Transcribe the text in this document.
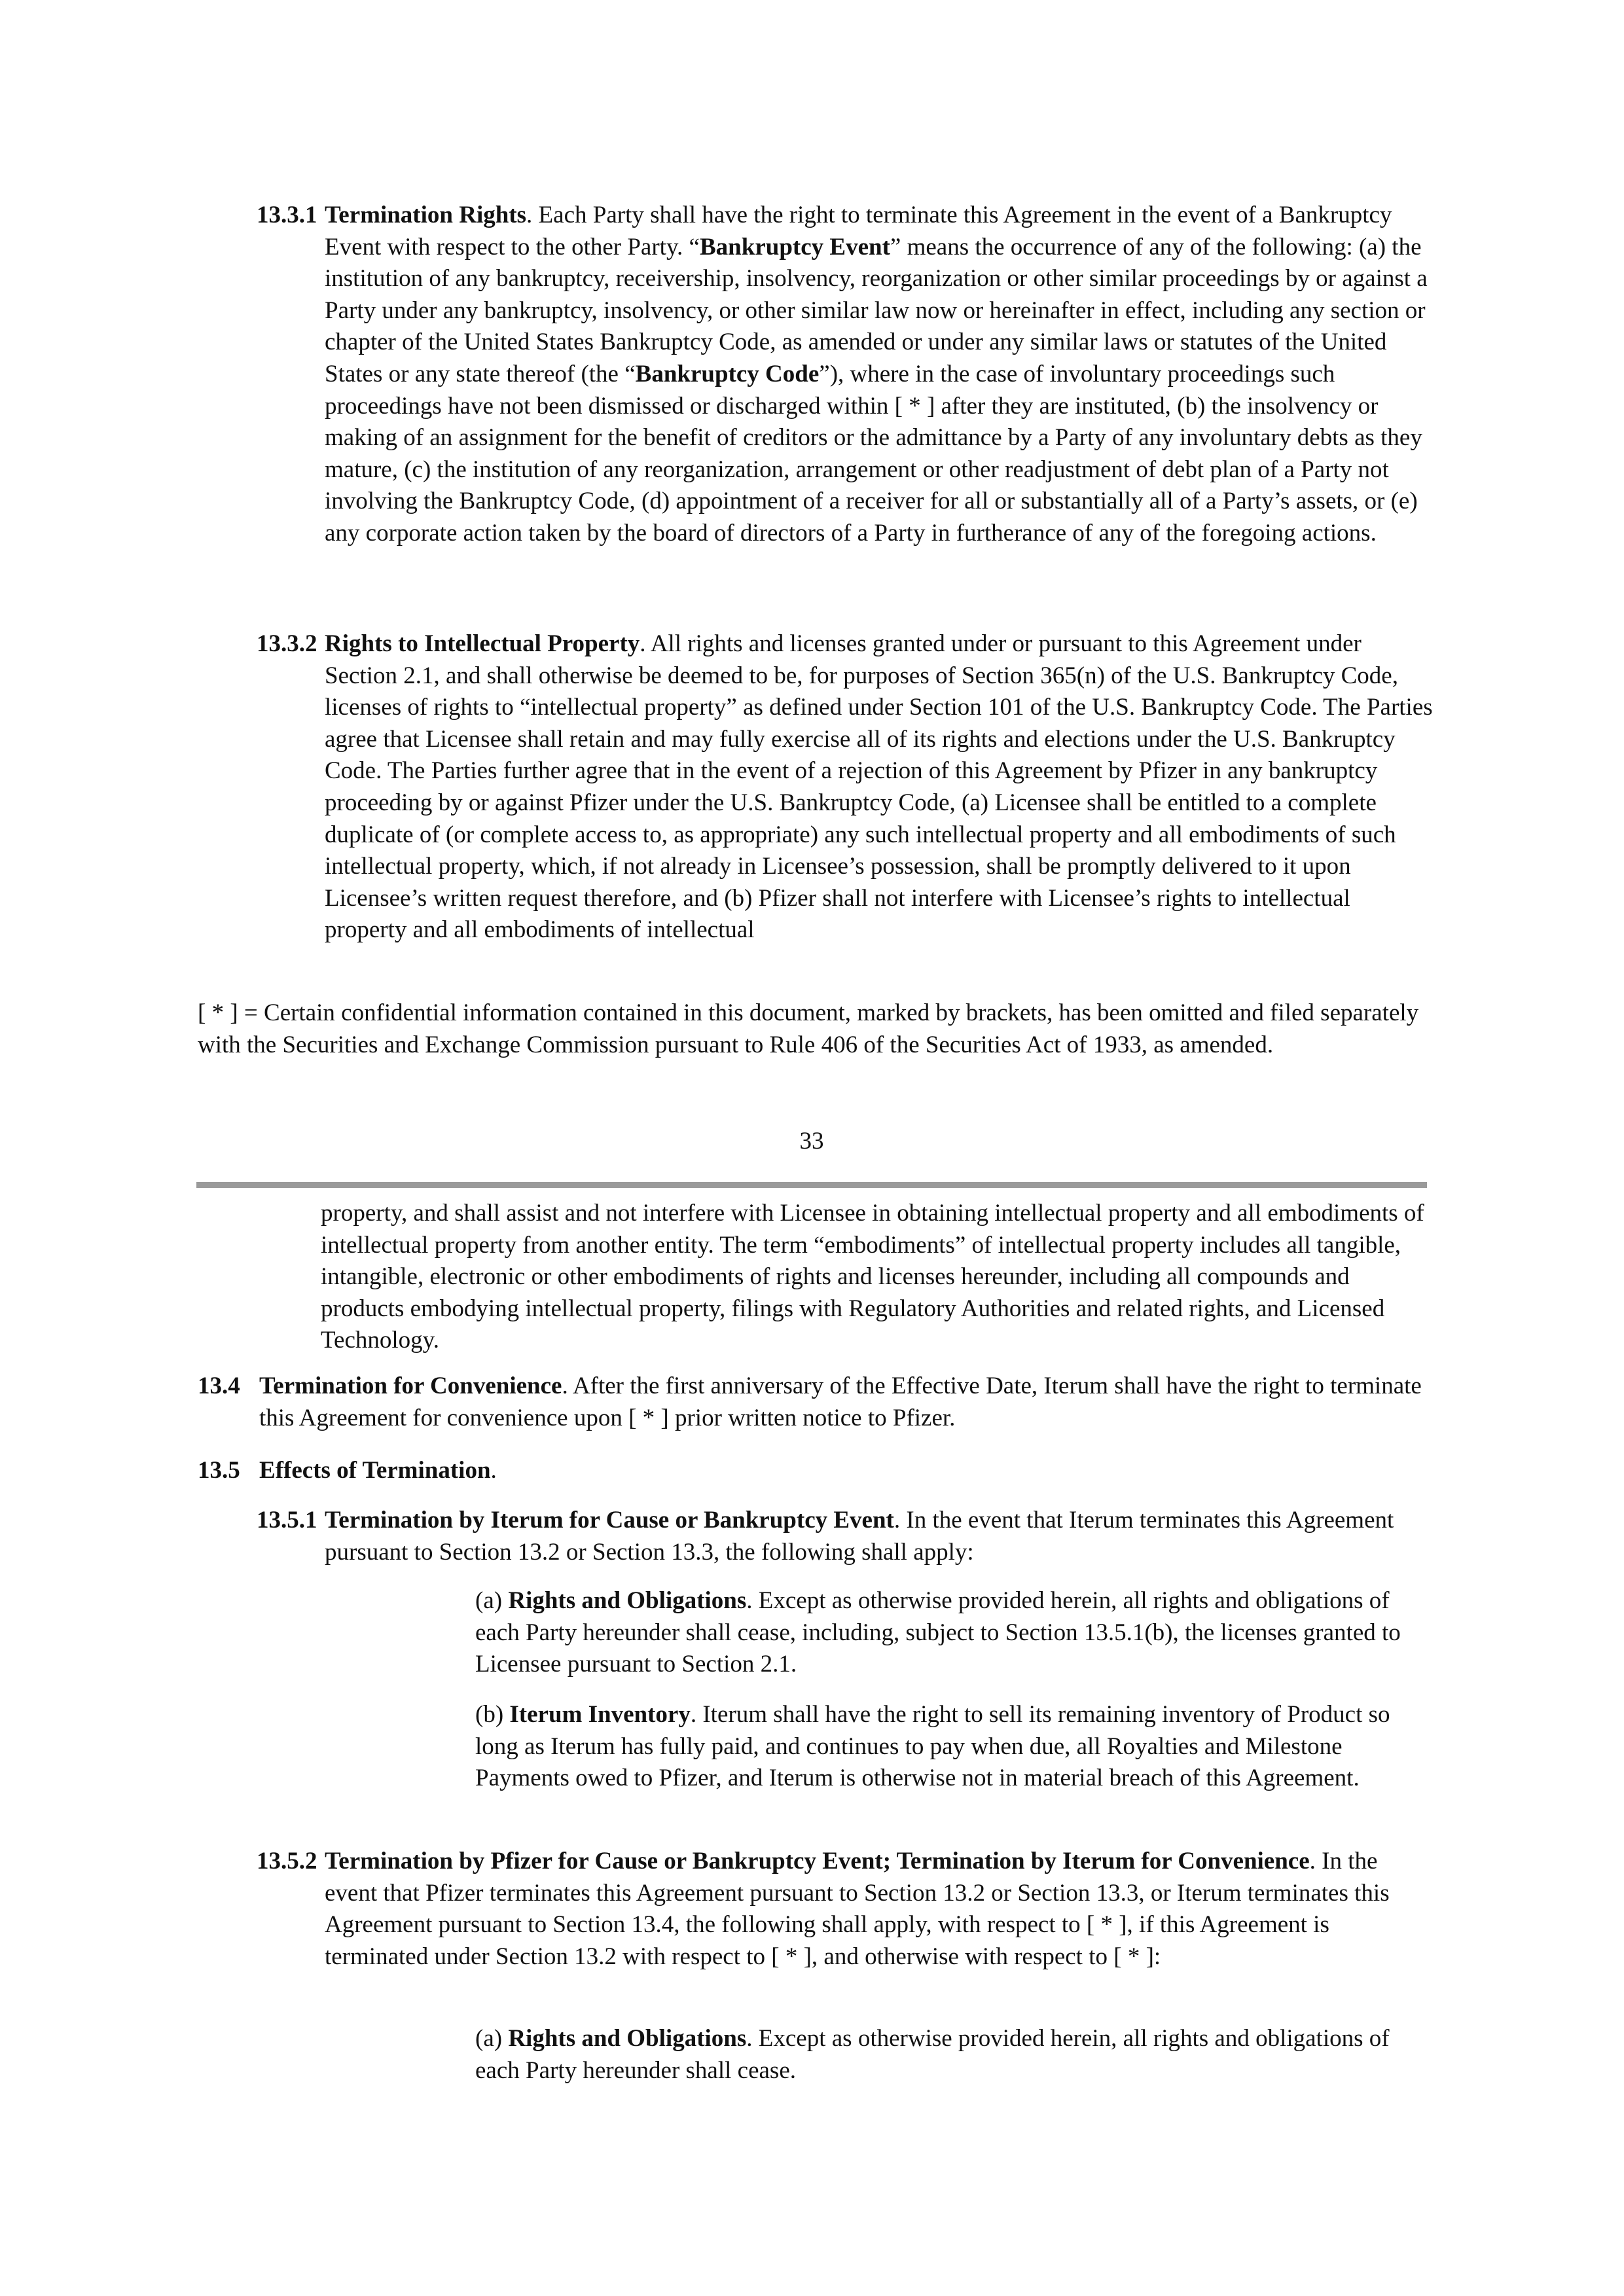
13.3.1 Termination Rights. Each Party shall have the right to terminate this Agreement in the event of a Bankruptcy Event with respect to the other Party. “Bankruptcy Event” means the occurrence of any of the following: (a) the institution of any bankruptcy, receivership, insolvency, reorganization or other similar proceedings by or against a Party under any bankruptcy, insolvency, or other similar law now or hereinafter in effect, including any section or chapter of the United States Bankruptcy Code, as amended or under any similar laws or statutes of the United States or any state thereof (the “Bankruptcy Code”), where in the case of involuntary proceedings such proceedings have not been dismissed or discharged within [ * ] after they are instituted, (b) the insolvency or making of an assignment for the benefit of creditors or the admittance by a Party of any involuntary debts as they mature, (c) the institution of any reorganization, arrangement or other readjustment of debt plan of a Party not involving the Bankruptcy Code, (d) appointment of a receiver for all or substantially all of a Party’s assets, or (e) any corporate action taken by the board of directors of a Party in furtherance of any of the foregoing actions.
13.3.2 Rights to Intellectual Property. All rights and licenses granted under or pursuant to this Agreement under Section 2.1, and shall otherwise be deemed to be, for purposes of Section 365(n) of the U.S. Bankruptcy Code, licenses of rights to “intellectual property” as defined under Section 101 of the U.S. Bankruptcy Code. The Parties agree that Licensee shall retain and may fully exercise all of its rights and elections under the U.S. Bankruptcy Code. The Parties further agree that in the event of a rejection of this Agreement by Pfizer in any bankruptcy proceeding by or against Pfizer under the U.S. Bankruptcy Code, (a) Licensee shall be entitled to a complete duplicate of (or complete access to, as appropriate) any such intellectual property and all embodiments of such intellectual property, which, if not already in Licensee’s possession, shall be promptly delivered to it upon Licensee’s written request therefore, and (b) Pfizer shall not interfere with Licensee’s rights to intellectual property and all embodiments of intellectual

[ * ] = Certain confidential information contained in this document, marked by brackets, has been omitted and filed separately with the Securities and Exchange Commission pursuant to Rule 406 of the Securities Act of 1933, as amended.

33

property, and shall assist and not interfere with Licensee in obtaining intellectual property and all embodiments of intellectual property from another entity. The term “embodiments” of intellectual property includes all tangible, intangible, electronic or other embodiments of rights and licenses hereunder, including all compounds and products embodying intellectual property, filings with Regulatory Authorities and related rights, and Licensed Technology.

13.4 Termination for Convenience. After the first anniversary of the Effective Date, Iterum shall have the right to terminate this Agreement for convenience upon [ * ] prior written notice to Pfizer.
13.5 Effects of Termination.
13.5.1 Termination by Iterum for Cause or Bankruptcy Event. In the event that Iterum terminates this Agreement pursuant to Section 13.2 or Section 13.3, the following shall apply:

(a) Rights and Obligations. Except as otherwise provided herein, all rights and obligations of each Party hereunder shall cease, including, subject to Section 13.5.1(b), the licenses granted to Licensee pursuant to Section 2.1.

(b) Iterum Inventory. Iterum shall have the right to sell its remaining inventory of Product so long as Iterum has fully paid, and continues to pay when due, all Royalties and Milestone Payments owed to Pfizer, and Iterum is otherwise not in material breach of this Agreement.

13.5.2 Termination by Pfizer for Cause or Bankruptcy Event; Termination by Iterum for Convenience. In the event that Pfizer terminates this Agreement pursuant to Section 13.2 or Section 13.3, or Iterum terminates this Agreement pursuant to Section 13.4, the following shall apply, with respect to [ * ], if this Agreement is terminated under Section 13.2 with respect to [ * ], and otherwise with respect to [ * ]:

(a) Rights and Obligations. Except as otherwise provided herein, all rights and obligations of each Party hereunder shall cease.
